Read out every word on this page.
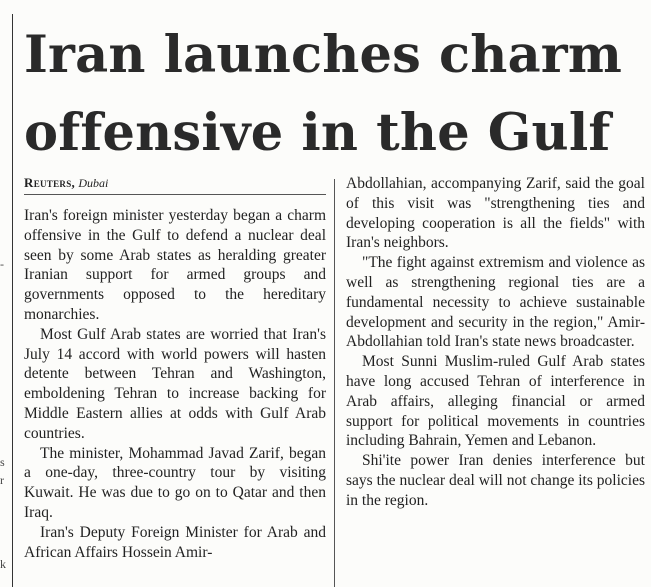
-
s
r
k
Iran launches charm
offensive in the Gulf
Reuters, Dubai

Iran's foreign minister yesterday began a charm offensive in the Gulf to defend a nuclear deal seen by some Arab states as heralding greater Iranian support for armed groups and governments opposed to the hereditary monarchies.

Most Gulf Arab states are worried that Iran's July 14 accord with world powers will hasten detente between Tehran and Washington, emboldening Tehran to increase backing for Middle Eastern allies at odds with Gulf Arab countries.

The minister, Mohammad Javad Zarif, began a one-day, three-country tour by visiting Kuwait. He was due to go on to Qatar and then Iraq.

Iran's Deputy Foreign Minister for Arab and African Affairs Hossein Amir-

Abdollahian, accompanying Zarif, said the goal of this visit was "strengthening ties and developing cooperation is all the fields" with Iran's neighbors.

"The fight against extremism and violence as well as strengthening regional ties are a fundamental necessity to achieve sustainable development and security in the region," Amir-Abdollahian told Iran's state news broadcaster.

Most Sunni Muslim-ruled Gulf Arab states have long accused Tehran of interference in Arab affairs, alleging financial or armed support for political movements in countries including Bahrain, Yemen and Lebanon.

Shi'ite power Iran denies interference but says the nuclear deal will not change its policies in the region.
